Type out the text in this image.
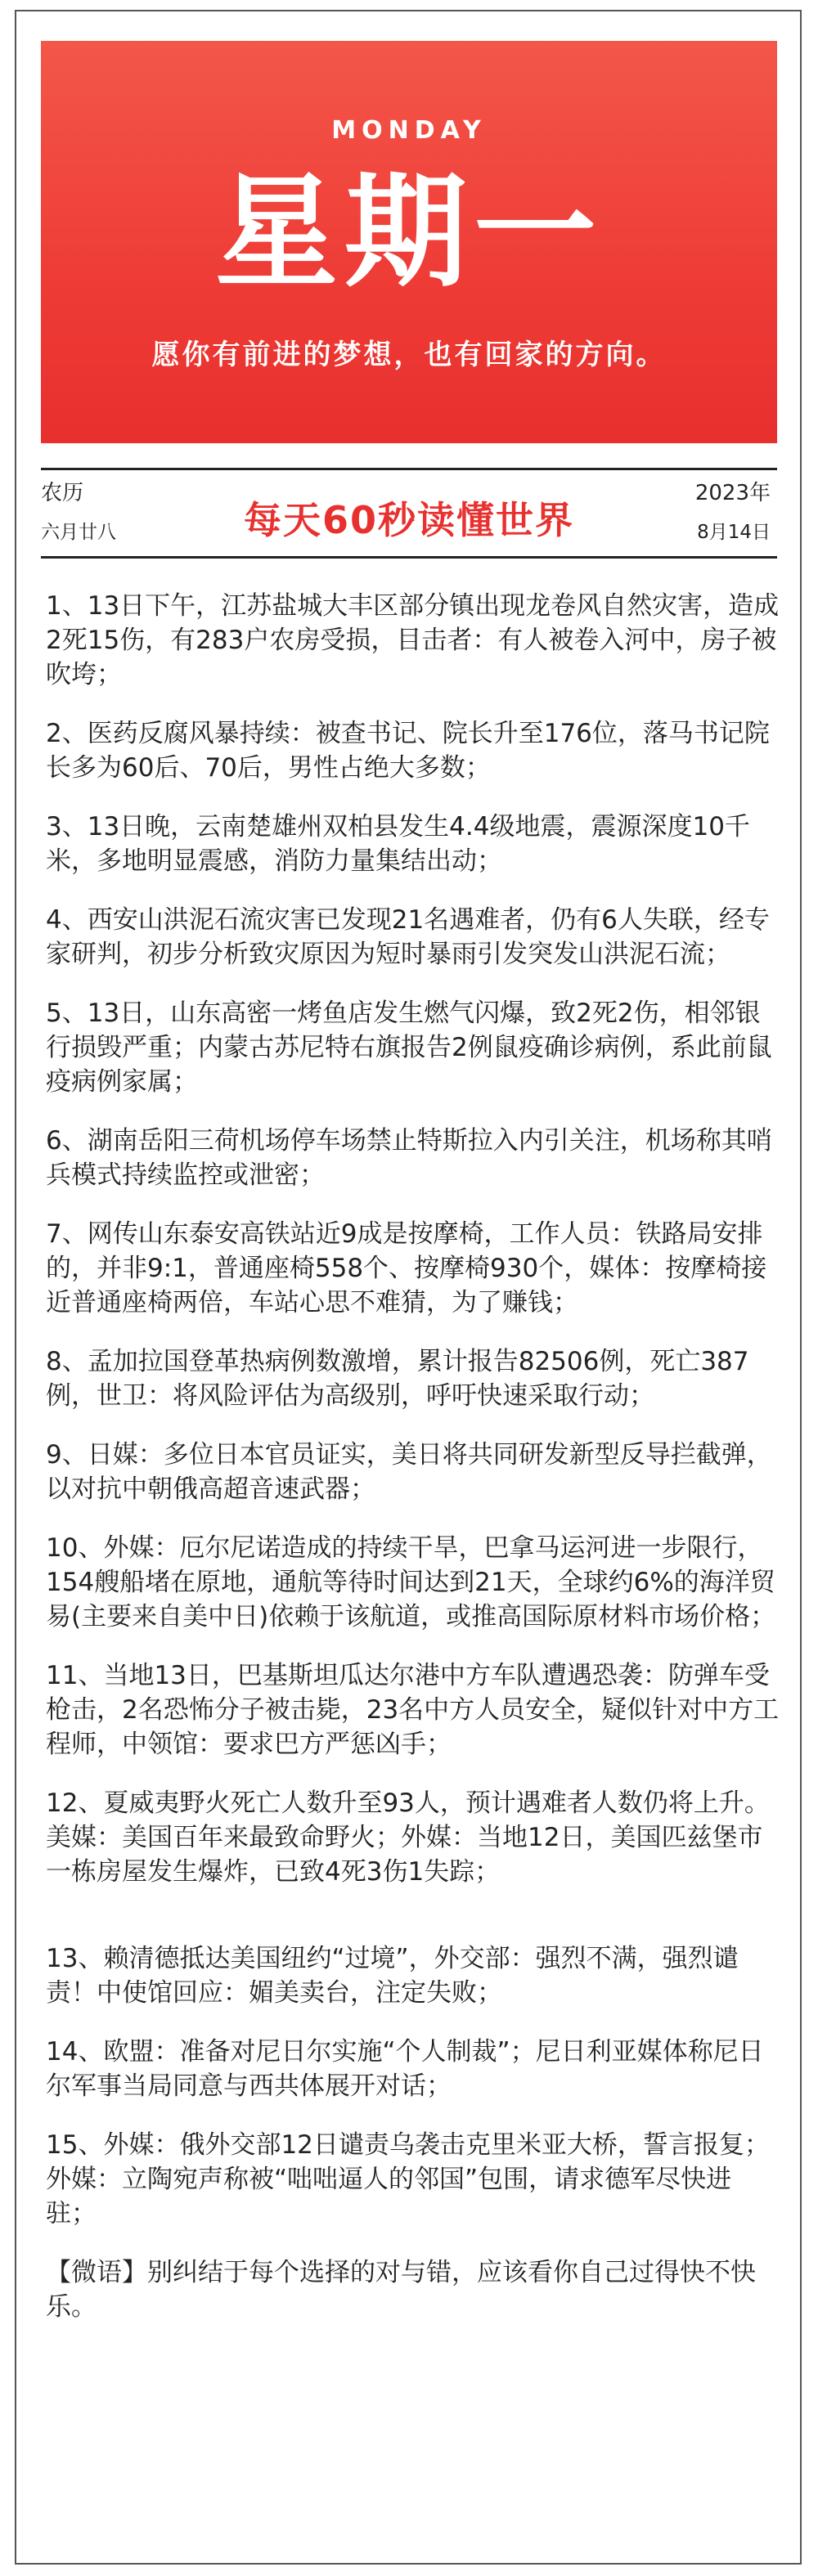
MONDAY
星期一
愿你有前进的梦想，也有回家的方向。
农历
六月廿八	每天60秒读懂世界
2023年
8月14日
1、13日下午，江苏盐城大丰区部分镇出现龙卷风自然灾害，造成2死15伤，有283户农房受损，目击者：有人被卷入河中，房子被吹垮；
2、医药反腐风暴持续：被查书记、院长升至176位，落马书记院长多为60后、70后，男性占绝大多数；
3、13日晚，云南楚雄州双柏县发生4.4级地震，震源深度10千米，多地明显震感，消防力量集结出动；
4、西安山洪泥石流灾害已发现21名遇难者，仍有6人失联，经专家研判，初步分析致灾原因为短时暴雨引发突发山洪泥石流；
5、13日，山东高密一烤鱼店发生燃气闪爆，致2死2伤，相邻银行损毁严重；内蒙古苏尼特右旗报告2例鼠疫确诊病例，系此前鼠疫病例家属；
6、湖南岳阳三荷机场停车场禁止特斯拉入内引关注，机场称其哨兵模式持续监控或泄密；
7、网传山东泰安高铁站近9成是按摩椅，工作人员：铁路局安排的，并非9:1，普通座椅558个、按摩椅930个，媒体：按摩椅接近普通座椅两倍，车站心思不难猜，为了赚钱；
8、孟加拉国登革热病例数激增，累计报告82506例，死亡387例，世卫：将风险评估为高级别，呼吁快速采取行动；
9、日媒：多位日本官员证实，美日将共同研发新型反导拦截弹，以对抗中朝俄高超音速武器；
10、外媒：厄尔尼诺造成的持续干旱，巴拿马运河进一步限行，154艘船堵在原地，通航等待时间达到21天，全球约6%的海洋贸易(主要来自美中日)依赖于该航道，或推高国际原材料市场价格；
11、当地13日，巴基斯坦瓜达尔港中方车队遭遇恐袭：防弹车受枪击，2名恐怖分子被击毙，23名中方人员安全，疑似针对中方工程师，中领馆：要求巴方严惩凶手；
12、夏威夷野火死亡人数升至93人，预计遇难者人数仍将上升。美媒：美国百年来最致命野火；外媒：当地12日，美国匹兹堡市一栋房屋发生爆炸，已致4死3伤1失踪；
13、赖清德抵达美国纽约“过境”，外交部：强烈不满，强烈谴责！中使馆回应：媚美卖台，注定失败；
14、欧盟：准备对尼日尔实施“个人制裁”；尼日利亚媒体称尼日尔军事当局同意与西共体展开对话；
15、外媒：俄外交部12日谴责乌袭击克里米亚大桥，誓言报复；外媒：立陶宛声称被“咄咄逼人的邻国”包围，请求德军尽快进驻；
【微语】别纠结于每个选择的对与错，应该看你自己过得快不快乐。
